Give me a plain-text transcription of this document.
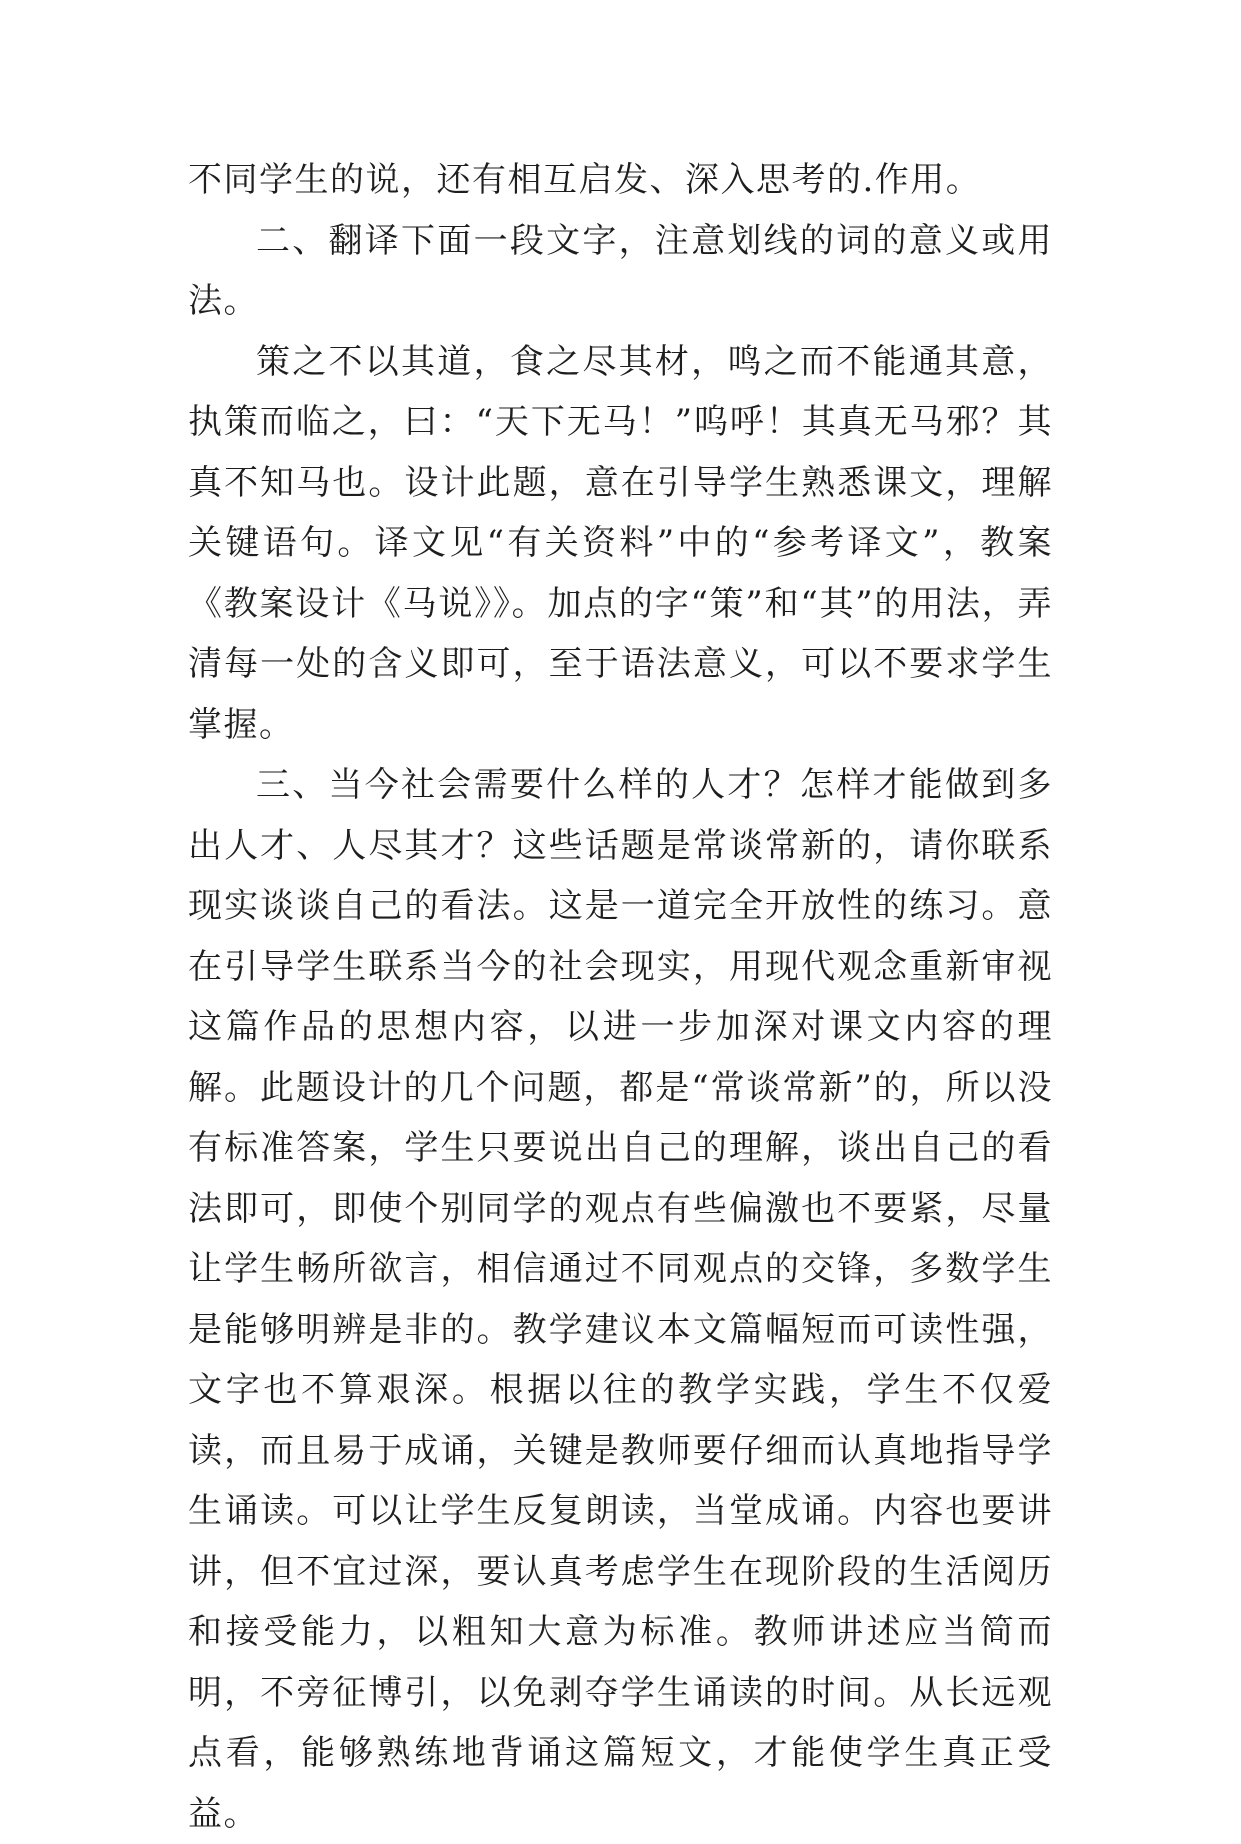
不同学生的说，还有相互启发、深入思考的.作用。

二、翻译下面一段文字，注意划线的词的意义或用法。

策之不以其道，食之尽其材，鸣之而不能通其意，执策而临之，曰：“天下无马！”呜呼！其真无马邪？其真不知马也。设计此题，意在引导学生熟悉课文，理解关键语句。译文见“有关资料”中的“参考译文”，教案《教案设计《马说》》。加点的字“策”和“其”的用法，弄清每一处的含义即可，至于语法意义，可以不要求学生掌握。

三、当今社会需要什么样的人才？怎样才能做到多出人才、人尽其才？这些话题是常谈常新的，请你联系现实谈谈自己的看法。这是一道完全开放性的练习。意在引导学生联系当今的社会现实，用现代观念重新审视这篇作品的思想内容，以进一步加深对课文内容的理解。此题设计的几个问题，都是“常谈常新”的，所以没有标准答案，学生只要说出自己的理解，谈出自己的看法即可，即使个别同学的观点有些偏激也不要紧，尽量让学生畅所欲言，相信通过不同观点的交锋，多数学生是能够明辨是非的。教学建议本文篇幅短而可读性强，文字也不算艰深。根据以往的教学实践，学生不仅爱读，而且易于成诵，关键是教师要仔细而认真地指导学生诵读。可以让学生反复朗读，当堂成诵。内容也要讲讲，但不宜过深，要认真考虑学生在现阶段的生活阅历和接受能力，以粗知大意为标准。教师讲述应当简而明，不旁征博引，以免剥夺学生诵读的时间。从长远观点看，能够熟练地背诵这篇短文，才能使学生真正受益。
